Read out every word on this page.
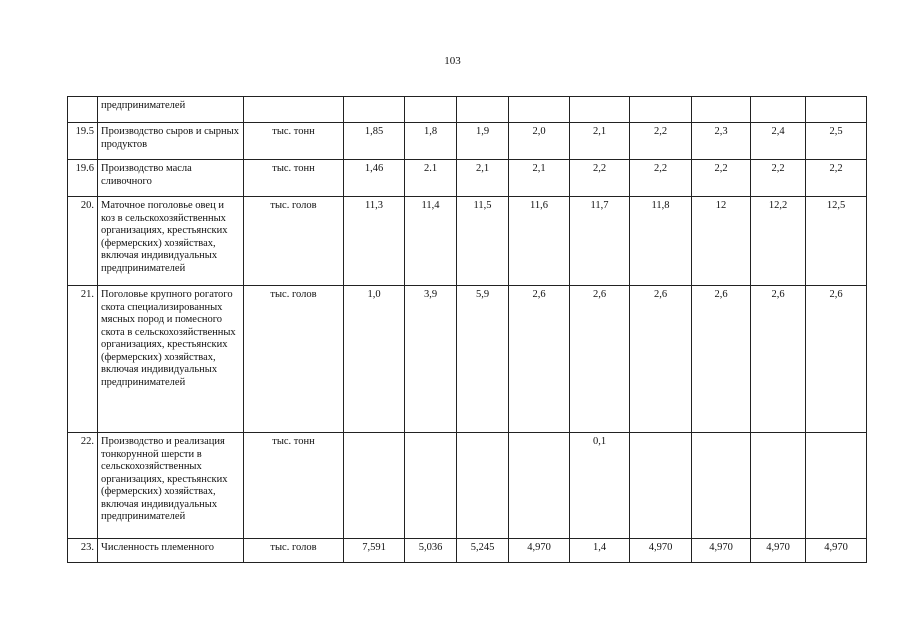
103
	предпринимателей										
19.5	Производство сыров и сырных продуктов	тыс. тонн	1,85	1,8	1,9	2,0	2,1	2,2	2,3	2,4	2,5
19.6	Производство масла сливочного	тыс. тонн	1,46	2.1	2,1	2,1	2,2	2,2	2,2	2,2	2,2
20.	Маточное поголовье овец и коз в сельскохозяйственных организациях, крестьянских (фермерских) хозяйствах, включая индивидуальных предпринимателей	тыс. голов	11,3	11,4	11,5	11,6	11,7	11,8	12	12,2	12,5
21.	Поголовье крупного рогатого скота специализированных мясных пород и помесного скота в сельскохозяйственных организациях, крестьянских (фермерских) хозяйствах, включая индивидуальных предпринимателей	тыс. голов	1,0	3,9	5,9	2,6	2,6	2,6	2,6	2,6	2,6
22.	Производство и реализация тонкорунной шерсти в сельскохозяйственных организациях, крестьянских (фермерских) хозяйствах, включая индивидуальных предпринимателей	тыс. тонн					0,1				
23.	Численность племенного	тыс. голов	7,591	5,036	5,245	4,970	1,4	4,970	4,970	4,970	4,970
